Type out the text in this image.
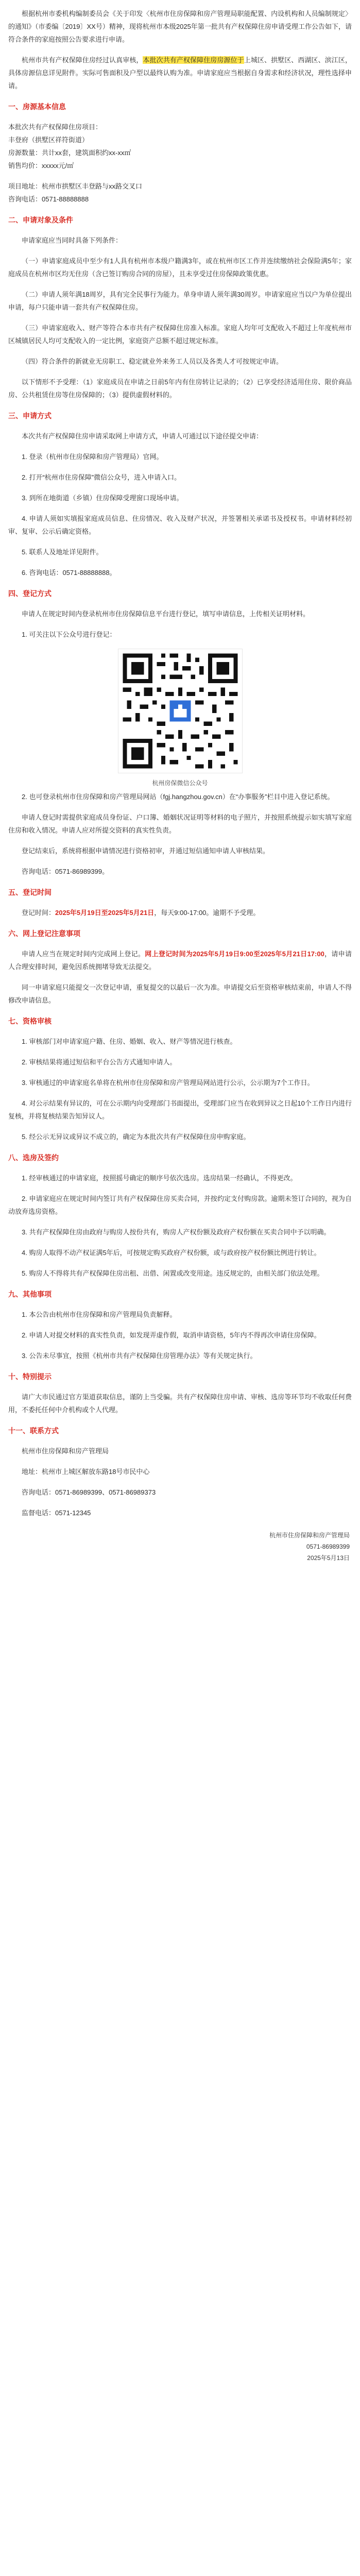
根据杭州市委机构编制委员会《关于印发〈杭州市住房保障和房产管理局职能配置、内设机构和人员编制规定〉的通知》（市委编〔2019〕XX号）精神，现将杭州市本级2025年第一批共有产权保障住房申请受理工作公告如下，请符合条件的家庭按照公告要求进行申请。

杭州市共有产权保障住房经过认真审核，本批次共有产权保障住房房源位于上城区、拱墅区、西湖区、滨江区，具体房源信息详见附件。实际可售面积及户型以最终认购为准。申请家庭应当根据自身需求和经济状况，理性选择申请。

一、房源基本信息
本批次共有产权保障住房项目：
丰登府（拱墅区祥符街道）
房源数量：共计xx套，建筑面积约xx-xx㎡
销售均价：xxxxx元/㎡
项目地址：杭州市拱墅区丰登路与xx路交叉口
咨询电话：0571-88888888
二、申请对象及条件

申请家庭应当同时具备下列条件：

（一）申请家庭成员中至少有1人具有杭州市本级户籍满3年，或在杭州市区工作并连续缴纳社会保险满5年；家庭成员在杭州市区均无住房（含已签订购房合同的房屋），且未享受过住房保障政策优惠。

（二）申请人须年满18周岁，具有完全民事行为能力。单身申请人须年满30周岁。申请家庭应当以户为单位提出申请，每户只能申请一套共有产权保障住房。

（三）申请家庭收入、财产等符合本市共有产权保障住房准入标准。家庭人均年可支配收入不超过上年度杭州市区城镇居民人均可支配收入的一定比例，家庭资产总额不超过规定标准。

（四）符合条件的新就业无房职工、稳定就业外来务工人员以及各类人才可按规定申请。

以下情形不予受理：（1）家庭成员在申请之日前5年内有住房转让记录的；（2）已享受经济适用住房、限价商品房、公共租赁住房等住房保障的；（3）提供虚假材料的。

三、申请方式

本次共有产权保障住房申请采取网上申请方式，申请人可通过以下途径提交申请：

1. 登录（杭州市住房保障和房产管理局）官网。

2. 打开“杭州市住房保障”微信公众号，进入申请入口。

3. 到所在地街道（乡镇）住房保障受理窗口现场申请。

4. 申请人须如实填报家庭成员信息、住房情况、收入及财产状况，并签署相关承诺书及授权书。申请材料经初审、复审、公示后确定资格。

5. 联系人及地址详见附件。

6. 咨询电话：0571-88888888。

四、登记方式

申请人在规定时间内登录杭州市住房保障信息平台进行登记，填写申请信息，上传相关证明材料。

1. 可关注以下公众号进行登记：

杭州房保微信公众号

2. 也可登录杭州市住房保障和房产管理局网站（fgj.hangzhou.gov.cn）在“办事服务”栏目中进入登记系统。

申请人登记时需提供家庭成员身份证、户口簿、婚姻状况证明等材料的电子照片，并按照系统提示如实填写家庭住房和收入情况。申请人应对所提交资料的真实性负责。

登记结束后，系统将根据申请情况进行资格初审，并通过短信通知申请人审核结果。

咨询电话：0571-86989399。

五、登记时间

登记时间：2025年5月19日至2025年5月21日，每天9:00-17:00。逾期不予受理。

六、网上登记注意事项

申请人应当在规定时间内完成网上登记。网上登记时间为2025年5月19日9:00至2025年5月21日17:00，请申请人合理安排时间，避免因系统拥堵导致无法提交。

同一申请家庭只能提交一次登记申请，重复提交的以最后一次为准。申请提交后至资格审核结束前，申请人不得修改申请信息。

七、资格审核

1. 审核部门对申请家庭户籍、住房、婚姻、收入、财产等情况进行核查。

2. 审核结果将通过短信和平台公告方式通知申请人。

3. 审核通过的申请家庭名单将在杭州市住房保障和房产管理局网站进行公示，公示期为7个工作日。

4. 对公示结果有异议的，可在公示期内向受理部门书面提出，受理部门应当在收到异议之日起10个工作日内进行复核，并将复核结果告知异议人。

5. 经公示无异议或异议不成立的，确定为本批次共有产权保障住房申购家庭。

八、选房及签约

1. 经审核通过的申请家庭，按照摇号确定的顺序号依次选房。选房结果一经确认，不得更改。

2. 申请家庭应在规定时间内签订共有产权保障住房买卖合同，并按约定支付购房款。逾期未签订合同的，视为自动放弃选房资格。

3. 共有产权保障住房由政府与购房人按份共有，购房人产权份额及政府产权份额在买卖合同中予以明确。

4. 购房人取得不动产权证满5年后，可按规定购买政府产权份额，或与政府按产权份额比例进行转让。

5. 购房人不得将共有产权保障住房出租、出借、闲置或改变用途。违反规定的，由相关部门依法处理。

九、其他事项

1. 本公告由杭州市住房保障和房产管理局负责解释。

2. 申请人对提交材料的真实性负责，如发现弄虚作假，取消申请资格，5年内不得再次申请住房保障。

3. 公告未尽事宜，按照《杭州市共有产权保障住房管理办法》等有关规定执行。

十、特别提示

请广大市民通过官方渠道获取信息，谨防上当受骗。共有产权保障住房申请、审核、选房等环节均不收取任何费用，不委托任何中介机构或个人代理。

十一、联系方式

杭州市住房保障和房产管理局

地址：杭州市上城区解放东路18号市民中心

咨询电话：0571-86989399、0571-86989373

监督电话：0571-12345

杭州市住房保障和房产管理局
0571-86989399
2025年5月13日
